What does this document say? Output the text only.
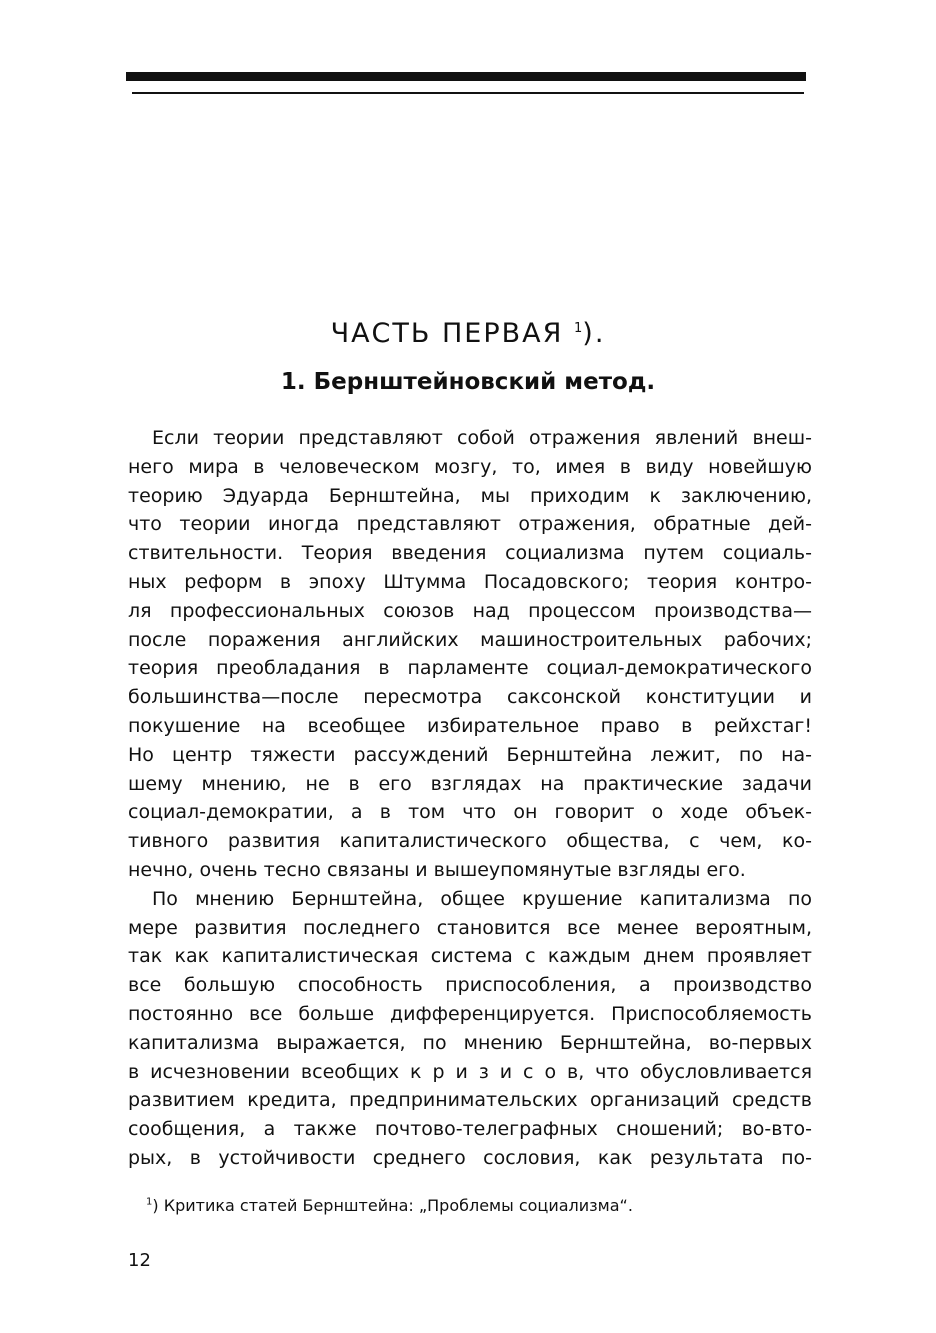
ЧАСТЬ ПЕРВАЯ $^1$).
1. Бернштейновский метод.
Если теории представляют собой отражения явлений внеш-
него мира в человеческом мозгу, то, имея в виду новейшую
теорию Эдуарда Бернштейна, мы приходим к заключению,
что теории иногда представляют отражения, обратные дей-
ствительности. Теория введения социализма путем социаль-
ных реформ в эпоху Штумма Посадовского; теория контро-
ля профессиональных союзов над процессом производства—
после поражения английских машиностроительных рабочих;
теория преобладания в парламенте социал-демократического
большинства—после пересмотра саксонской конституции и
покушение на всеобщее избирательное право в рейхстаг!
Но центр тяжести рассуждений Бернштейна лежит, по на-
шему мнению, не в его взглядах на практические задачи
социал-демократии, а в том что он говорит о ходе объек-
тивного развития капиталистического общества, с чем, ко-
нечно, очень тесно связаны и вышеупомянутые взгляды его.
По мнению Бернштейна, общее крушение капитализма по
мере развития последнего становится все менее вероятным,
так как капиталистическая система с каждым днем проявляет
все большую способность приспособления, а производство
постоянно все больше дифференцируется. Приспособляемость
капитализма выражается, по мнению Бернштейна, во-первых
в исчезновении всеобщих к р и з и с о в, что обусловливается
развитием кредита, предпринимательских организаций средств
сообщения, а также почтово-телеграфных сношений; во-вто-
рых, в устойчивости среднего сословия, как результата по-

$^1$) Критика статей Бернштейна: „Проблемы социализма“.

12
